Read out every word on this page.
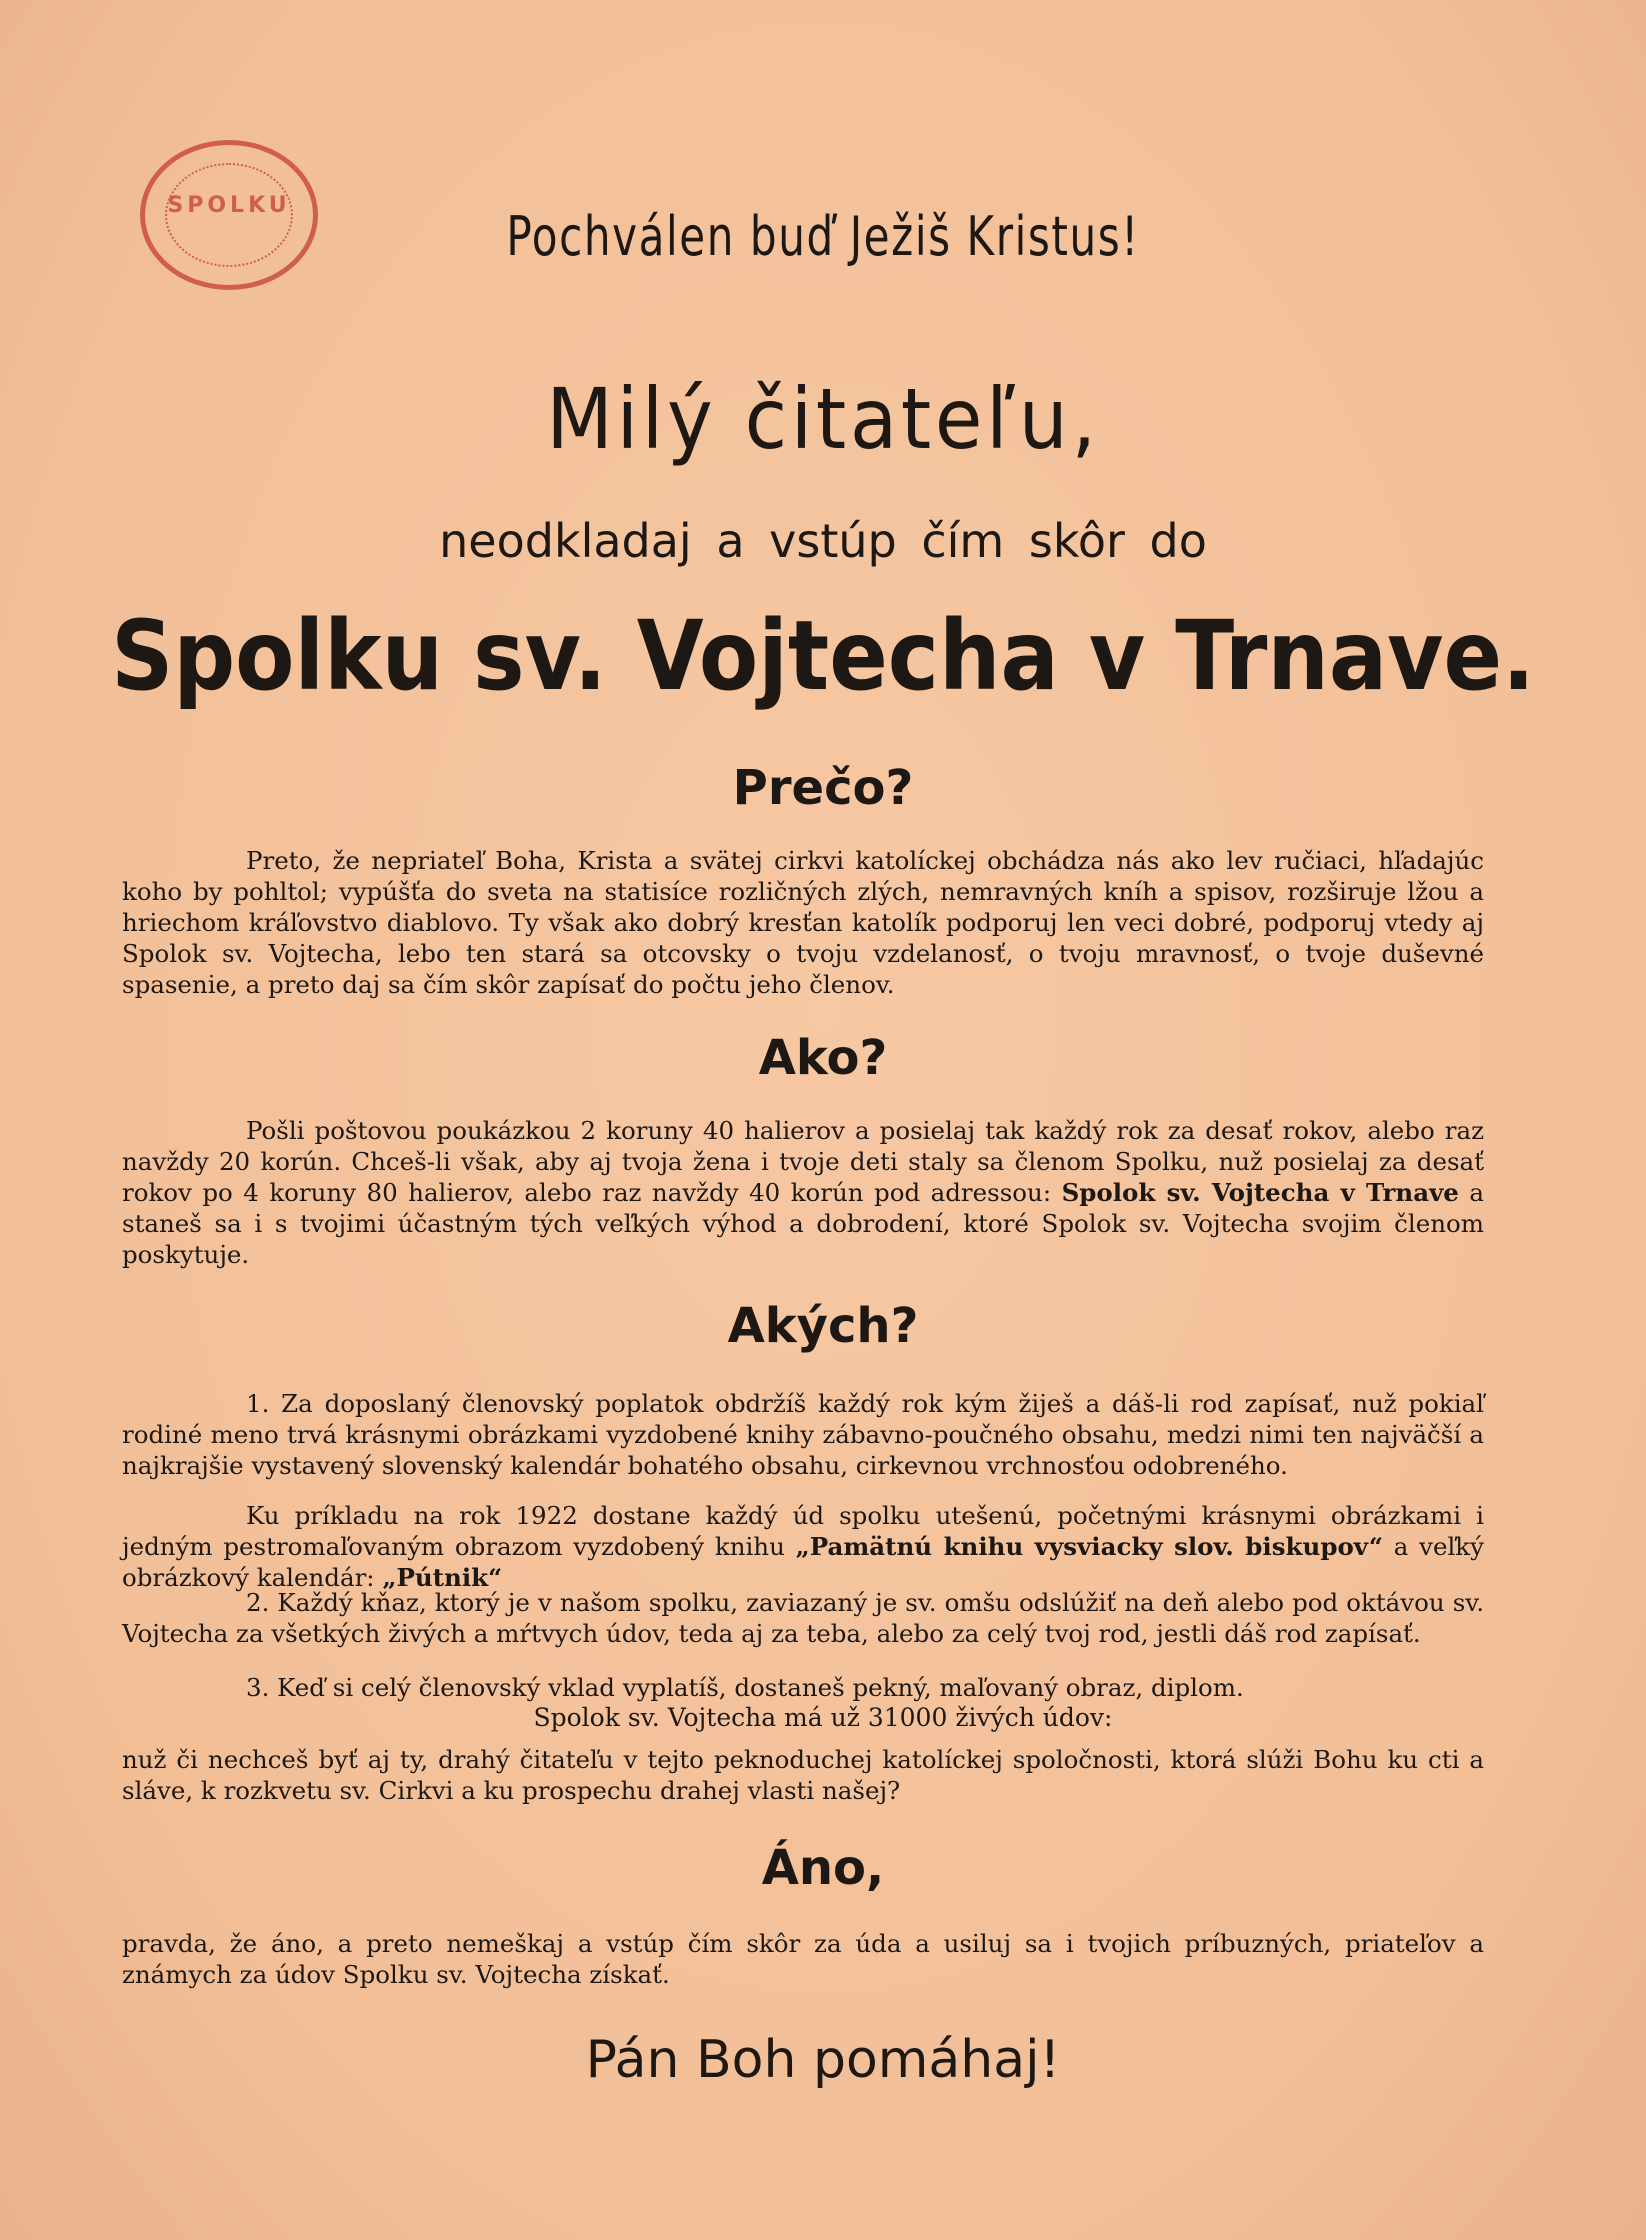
SPOLKU	Pochválen buď Ježiš Kristus!
Milý čitateľu,
neodkladaj a vstúp čím skôr do
Spolku sv. Vojtecha v Trnave.
Prečo?
Preto, že nepriateľ Boha, Krista a svätej cirkvi katolíckej obchádza nás ako lev ručiaci, hľadajúc koho by pohltol; vypúšťa do sveta na statisíce rozličných zlých, nemravných kníh a spisov, rozširuje lžou a hriechom kráľovstvo diablovo. Ty však ako dobrý kresťan katolík podporuj len veci dobré, podporuj vtedy aj Spolok sv. Vojtecha, lebo ten stará sa otcovsky o tvoju vzdelanosť, o tvoju mravnosť, o tvoje duševné spasenie, a preto daj sa čím skôr zapísať do počtu jeho členov.
Ako?
Pošli poštovou poukázkou 2 koruny 40 halierov a posielaj tak každý rok za desať rokov, alebo raz navždy 20 korún. Chceš-li však, aby aj tvoja žena i tvoje deti staly sa členom Spolku, nuž posielaj za desať rokov po 4 koruny 80 halierov, alebo raz navždy 40 korún pod adressou: Spolok sv. Vojtecha v Trnave a staneš sa i s tvojimi účastným tých veľkých výhod a dobrodení, ktoré Spolok sv. Vojtecha svojim členom poskytuje.
Akých?
1. Za doposlaný členovský poplatok obdržíš každý rok kým žiješ a dáš-li rod zapísať, nuž pokiaľ rodiné meno trvá krásnymi obrázkami vyzdobené knihy zábavno-poučného obsahu, medzi nimi ten najväčší a najkrajšie vystavený slovenský kalendár bohatého obsahu, cirkevnou vrchnosťou odobreného.
Ku príkladu na rok 1922 dostane každý úd spolku utešenú, početnými krásnymi obrázkami i jedným pestromaľovaným obrazom vyzdobený knihu „Pamätnú knihu vysviacky slov. biskupov“ a veľký obrázkový kalendár: „Pútnik“
2. Každý kňaz, ktorý je v našom spolku, zaviazaný je sv. omšu odslúžiť na deň alebo pod oktávou sv. Vojtecha za všetkých živých a mŕtvych údov, teda aj za teba, alebo za celý tvoj rod, jestli dáš rod zapísať.
3. Keď si celý členovský vklad vyplatíš, dostaneš pekný, maľovaný obraz, diplom.
Spolok sv. Vojtecha má už 31000 živých údov:
nuž či nechceš byť aj ty, drahý čitateľu v tejto peknoduchej katolíckej spoločnosti, ktorá slúži Bohu ku cti a sláve, k rozkvetu sv. Cirkvi a ku prospechu drahej vlasti našej?
Áno,
pravda, že áno, a preto nemeškaj a vstúp čím skôr za úda a usiluj sa i tvojich príbuzných, priateľov a známych za údov Spolku sv. Vojtecha získať.
Pán Boh pomáhaj!
